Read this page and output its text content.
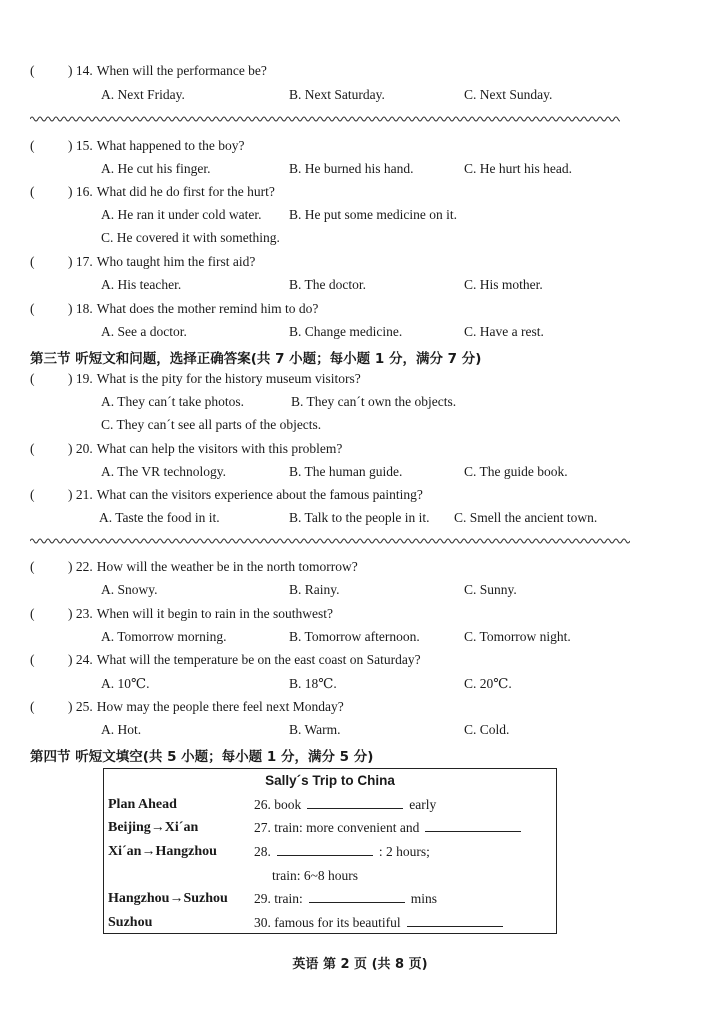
( ) 14. When will the performance be?
A. Next Friday.	B. Next Saturday.	C. Next Sunday.
( ) 15. What happened to the boy?
A. He cut his finger.	B. He burned his hand.	C. He hurt his head.
( ) 16. What did he do first for the hurt?
A. He ran it under cold water. B. He put some medicine on it.
C. He covered it with something.
( ) 17. Who taught him the first aid?
A. His teacher.	B. The doctor.	C. His mother.
( ) 18. What does the mother remind him to do?
A. See a doctor.	B. Change medicine.	C. Have a rest.
第三节 听短文和问题，选择正确答案(共 7 小题；每小题 1 分，满分 7 分)
( ) 19. What is the pity for the history museum visitors?
A. They can´t take photos.	B. They can´t own the objects.
C. They can´t see all parts of the objects.
( ) 20. What can help the visitors with this problem?
A. The VR technology.	B. The human guide.	C. The guide book.
( ) 21. What can the visitors experience about the famous painting?
A. Taste the food in it.	B. Talk to the people in it. C. Smell the ancient town.
( ) 22. How will the weather be in the north tomorrow?
A. Snowy.	B. Rainy.	C. Sunny.
( ) 23. When will it begin to rain in the southwest?
A. Tomorrow morning.	B. Tomorrow afternoon.	C. Tomorrow night.
( ) 24. What will the temperature be on the east coast on Saturday?
A. 10℃.	B. 18℃.	C. 20℃.
( ) 25. How may the people there feel next Monday?
A. Hot.	B. Warm.	C. Cold.
第四节 听短文填空(共 5 小题；每小题 1 分，满分 5 分)
Sally´s Trip to China
Plan Ahead	26. book	early
Beijing→Xi´an	27. train: more convenient and
Xi´an→Hangzhou	28.	: 2 hours;
train: 6~8 hours
Hangzhou→Suzhou 29. train:	mins
Suzhou	30. famous for its beautiful
英语 第 2 页 (共 8 页)
